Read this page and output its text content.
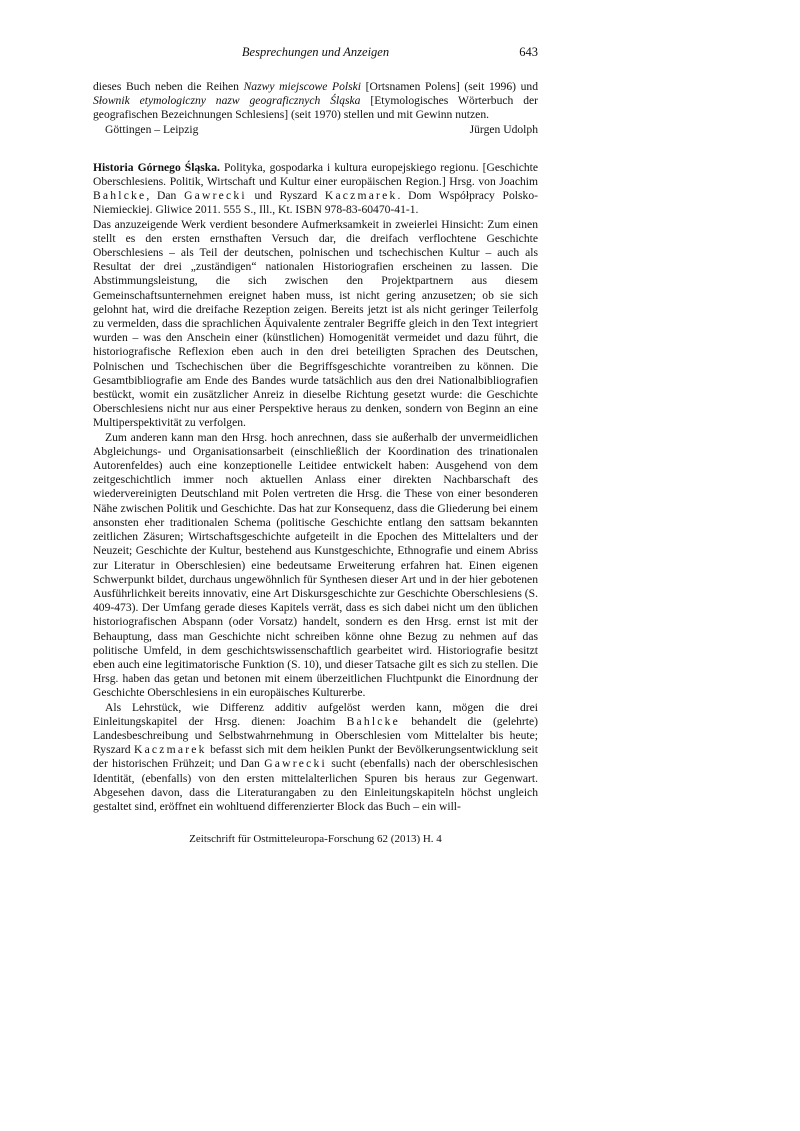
Besprechungen und Anzeigen	643

dieses Buch neben die Reihen Nazwy miejscowe Polski [Ortsnamen Polens] (seit 1996) und Słownik etymologiczny nazw geograficznych Śląska [Etymologisches Wörterbuch der geografischen Bezeichnungen Schlesiens] (seit 1970) stellen und mit Gewinn nutzen.

Göttingen – Leipzig	Jürgen Udolph

Historia Górnego Śląska. Polityka, gospodarka i kultura europejskiego regionu. [Geschichte Oberschlesiens. Politik, Wirtschaft und Kultur einer europäischen Region.] Hrsg. von Joachim Bahlcke, Dan Gawrecki und Ryszard Kaczmarek. Dom Współpracy Polsko-Niemieckiej. Gliwice 2011. 555 S., Ill., Kt. ISBN 978-83-60470-41-1.

Das anzuzeigende Werk verdient besondere Aufmerksamkeit in zweierlei Hinsicht: Zum einen stellt es den ersten ernsthaften Versuch dar, die dreifach verflochtene Geschichte Oberschlesiens – als Teil der deutschen, polnischen und tschechischen Kultur – auch als Resultat der drei „zuständigen“ nationalen Historiografien erscheinen zu lassen. Die Abstimmungsleistung, die sich zwischen den Projektpartnern aus diesem Gemeinschaftsunternehmen ereignet haben muss, ist nicht gering anzusetzen; ob sie sich gelohnt hat, wird die dreifache Rezeption zeigen. Bereits jetzt ist als nicht geringer Teilerfolg zu vermelden, dass die sprachlichen Äquivalente zentraler Begriffe gleich in den Text integriert wurden – was den Anschein einer (künstlichen) Homogenität vermeidet und dazu führt, die historiografische Reflexion eben auch in den drei beteiligten Sprachen des Deutschen, Polnischen und Tschechischen über die Begriffsgeschichte vorantreiben zu können. Die Gesamtbibliografie am Ende des Bandes wurde tatsächlich aus den drei Nationalbibliografien bestückt, womit ein zusätzlicher Anreiz in dieselbe Richtung gesetzt wurde: die Geschichte Oberschlesiens nicht nur aus einer Perspektive heraus zu denken, sondern von Beginn an eine Multiperspektivität zu verfolgen.

Zum anderen kann man den Hrsg. hoch anrechnen, dass sie außerhalb der unvermeidlichen Abgleichungs- und Organisationsarbeit (einschließlich der Koordination des trinationalen Autorenfeldes) auch eine konzeptionelle Leitidee entwickelt haben: Ausgehend von dem zeitgeschichtlich immer noch aktuellen Anlass einer direkten Nachbarschaft des wiedervereinigten Deutschland mit Polen vertreten die Hrsg. die These von einer besonderen Nähe zwischen Politik und Geschichte. Das hat zur Konsequenz, dass die Gliederung bei einem ansonsten eher traditionalen Schema (politische Geschichte entlang den sattsam bekannten zeitlichen Zäsuren; Wirtschaftsgeschichte aufgeteilt in die Epochen des Mittelalters und der Neuzeit; Geschichte der Kultur, bestehend aus Kunstgeschichte, Ethnografie und einem Abriss zur Literatur in Oberschlesien) eine bedeutsame Erweiterung erfahren hat. Einen eigenen Schwerpunkt bildet, durchaus ungewöhnlich für Synthesen dieser Art und in der hier gebotenen Ausführlichkeit bereits innovativ, eine Art Diskursgeschichte zur Geschichte Oberschlesiens (S. 409-473). Der Umfang gerade dieses Kapitels verrät, dass es sich dabei nicht um den üblichen historiografischen Abspann (oder Vorsatz) handelt, sondern es den Hrsg. ernst ist mit der Behauptung, dass man Geschichte nicht schreiben könne ohne Bezug zu nehmen auf das politische Umfeld, in dem geschichtswissenschaftlich gearbeitet wird. Historiografie besitzt eben auch eine legitimatorische Funktion (S. 10), und dieser Tatsache gilt es sich zu stellen. Die Hrsg. haben das getan und betonen mit einem überzeitlichen Fluchtpunkt die Einordnung der Geschichte Oberschlesiens in ein europäisches Kulturerbe.

Als Lehrstück, wie Differenz additiv aufgelöst werden kann, mögen die drei Einleitungskapitel der Hrsg. dienen: Joachim Bahlcke behandelt die (gelehrte) Landesbeschreibung und Selbstwahrnehmung in Oberschlesien vom Mittelalter bis heute; Ryszard Kaczmarek befasst sich mit dem heiklen Punkt der Bevölkerungsentwicklung seit der historischen Frühzeit; und Dan Gawrecki sucht (ebenfalls) nach der oberschlesischen Identität, (ebenfalls) von den ersten mittelalterlichen Spuren bis heraus zur Gegenwart. Abgesehen davon, dass die Literaturangaben zu den Einleitungskapiteln höchst ungleich gestaltet sind, eröffnet ein wohltuend differenzierter Block das Buch – ein will-

Zeitschrift für Ostmitteleuropa-Forschung 62 (2013) H. 4
